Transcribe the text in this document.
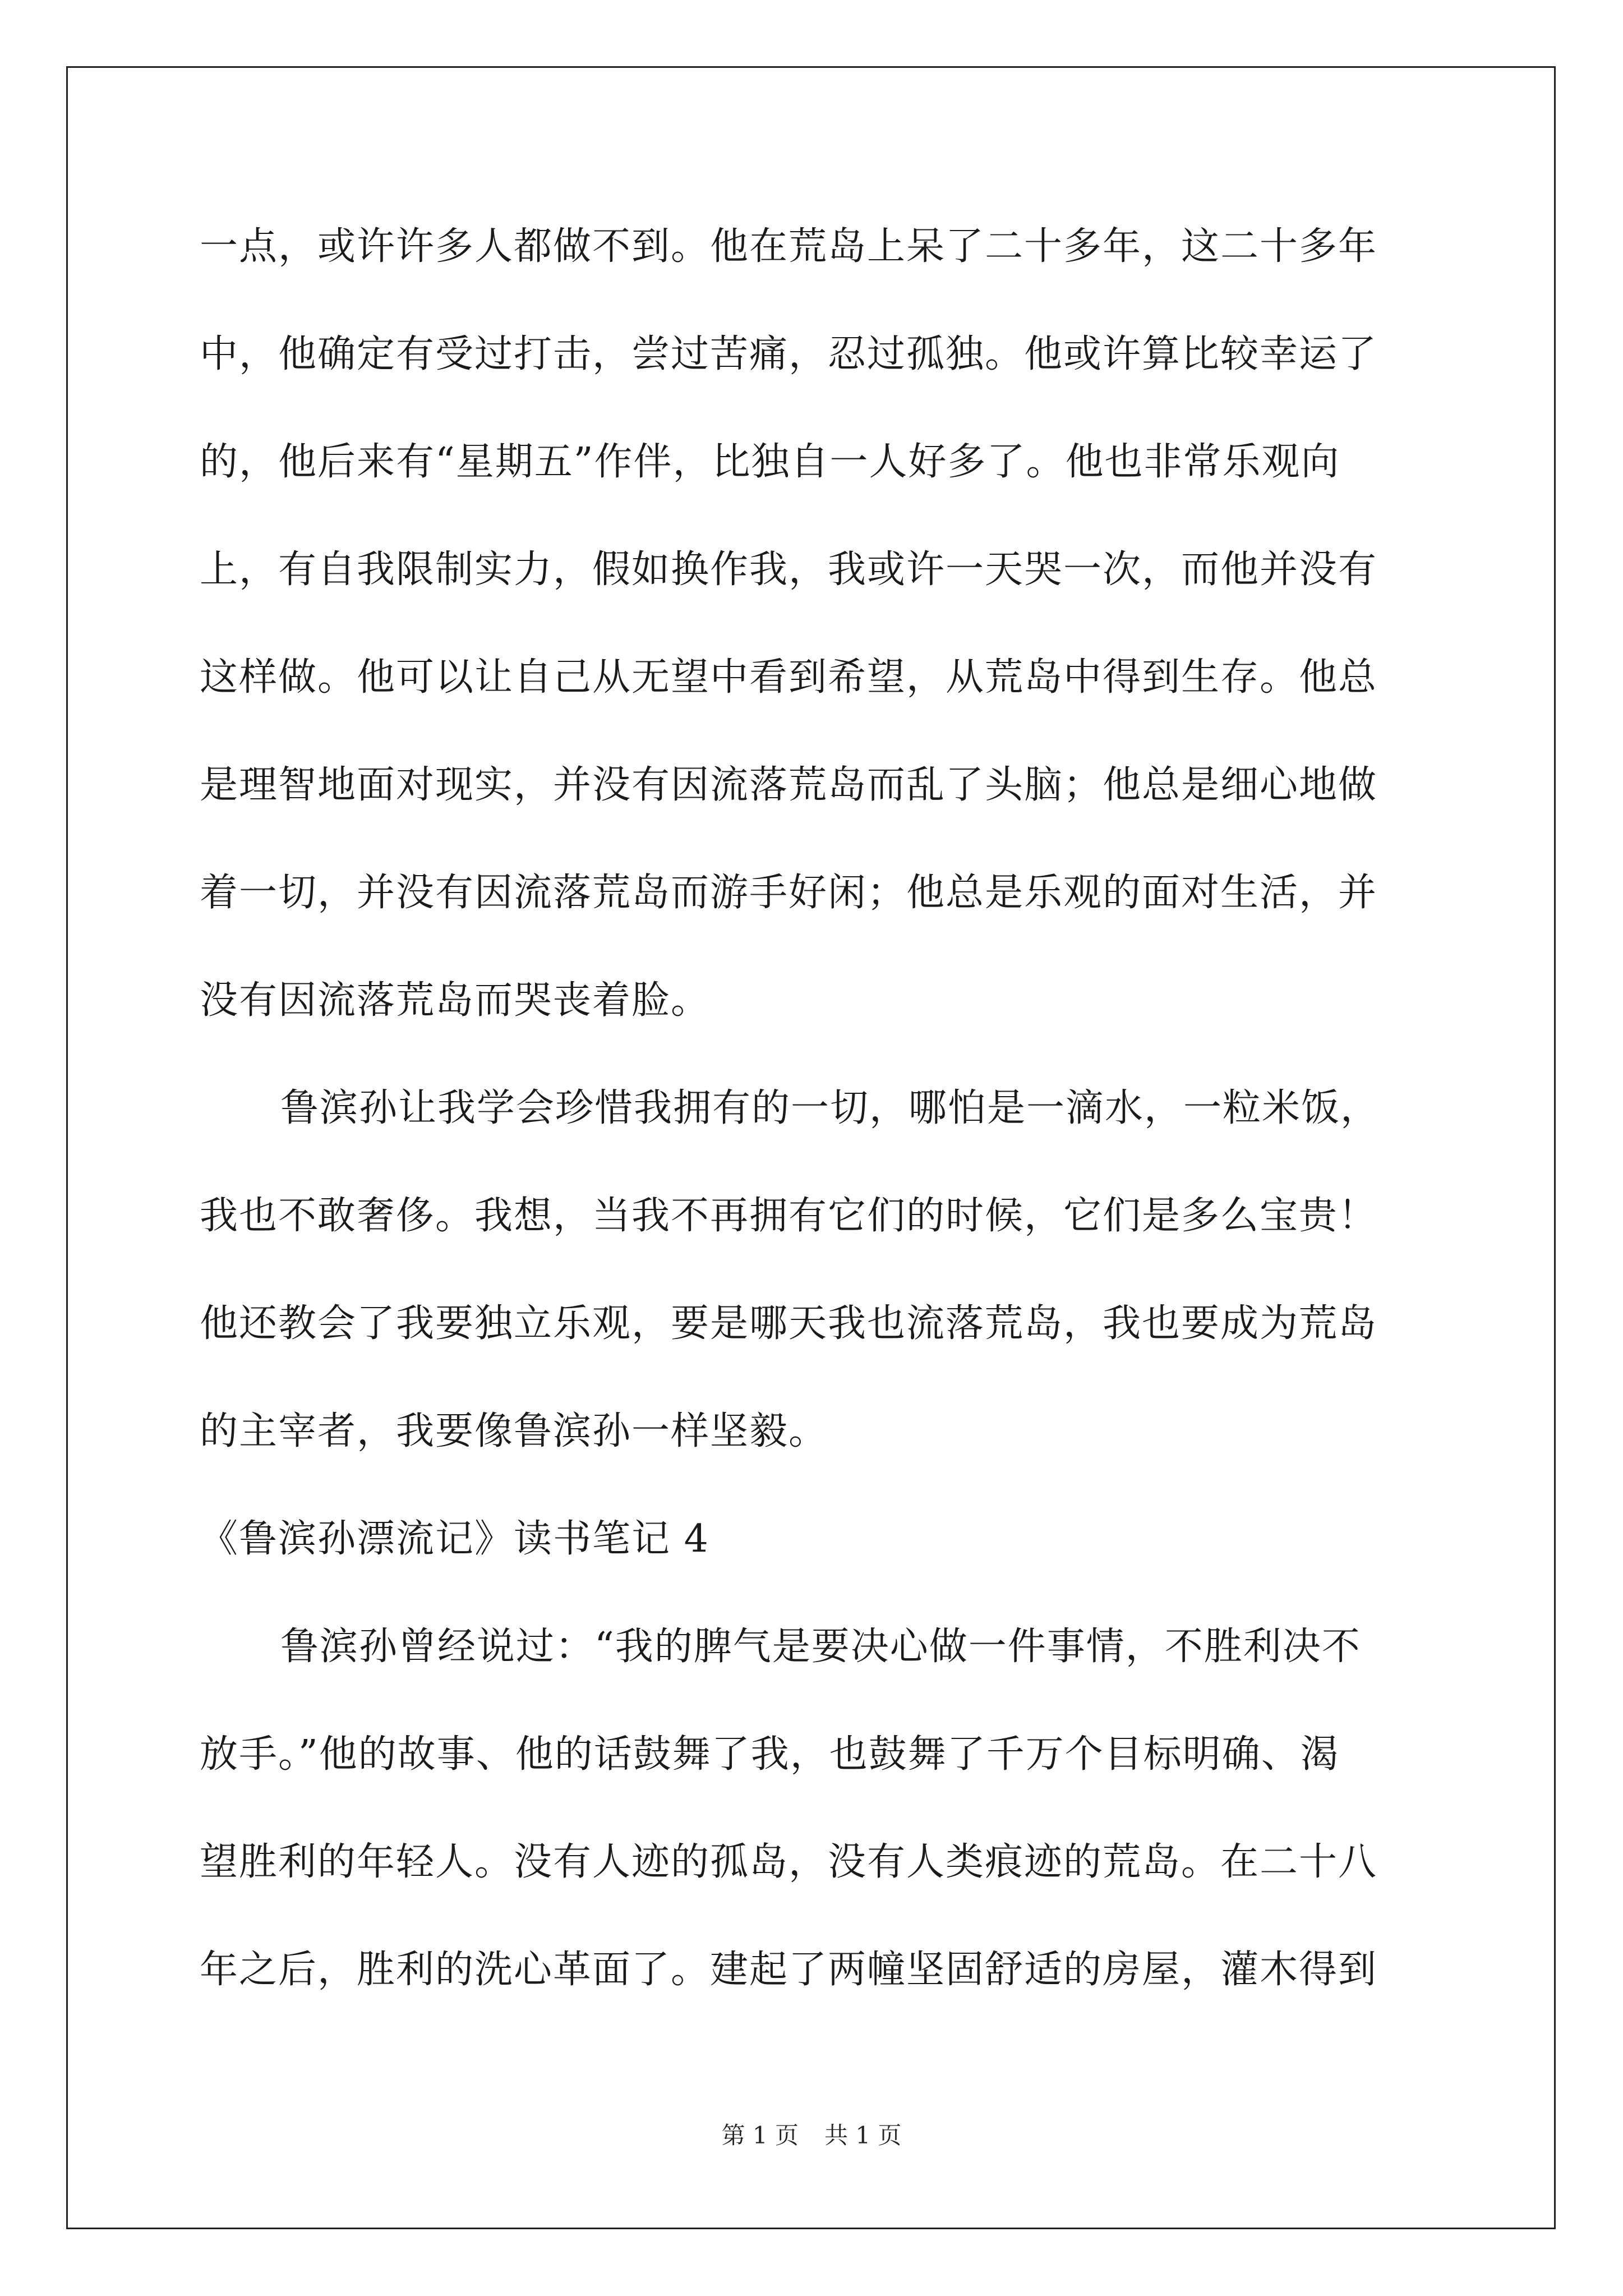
一点，或许许多人都做不到。他在荒岛上呆了二十多年，这二十多年
中，他确定有受过打击，尝过苦痛，忍过孤独。他或许算比较幸运了
的，他后来有“星期五”作伴，比独自一人好多了。他也非常乐观向
上，有自我限制实力，假如换作我，我或许一天哭一次，而他并没有
这样做。他可以让自己从无望中看到希望，从荒岛中得到生存。他总
是理智地面对现实，并没有因流落荒岛而乱了头脑；他总是细心地做
着一切，并没有因流落荒岛而游手好闲；他总是乐观的面对生活，并
没有因流落荒岛而哭丧着脸。
鲁滨孙让我学会珍惜我拥有的一切，哪怕是一滴水，一粒米饭，
我也不敢奢侈。我想，当我不再拥有它们的时候，它们是多么宝贵！
他还教会了我要独立乐观，要是哪天我也流落荒岛，我也要成为荒岛
的主宰者，我要像鲁滨孙一样坚毅。
《鲁滨孙漂流记》读书笔记 4
鲁滨孙曾经说过：“我的脾气是要决心做一件事情，不胜利决不
放手。”他的故事、他的话鼓舞了我，也鼓舞了千万个目标明确、渴
望胜利的年轻人。没有人迹的孤岛，没有人类痕迹的荒岛。在二十八
年之后，胜利的洗心革面了。建起了两幢坚固舒适的房屋，灌木得到
第 1 页 共 1 页
